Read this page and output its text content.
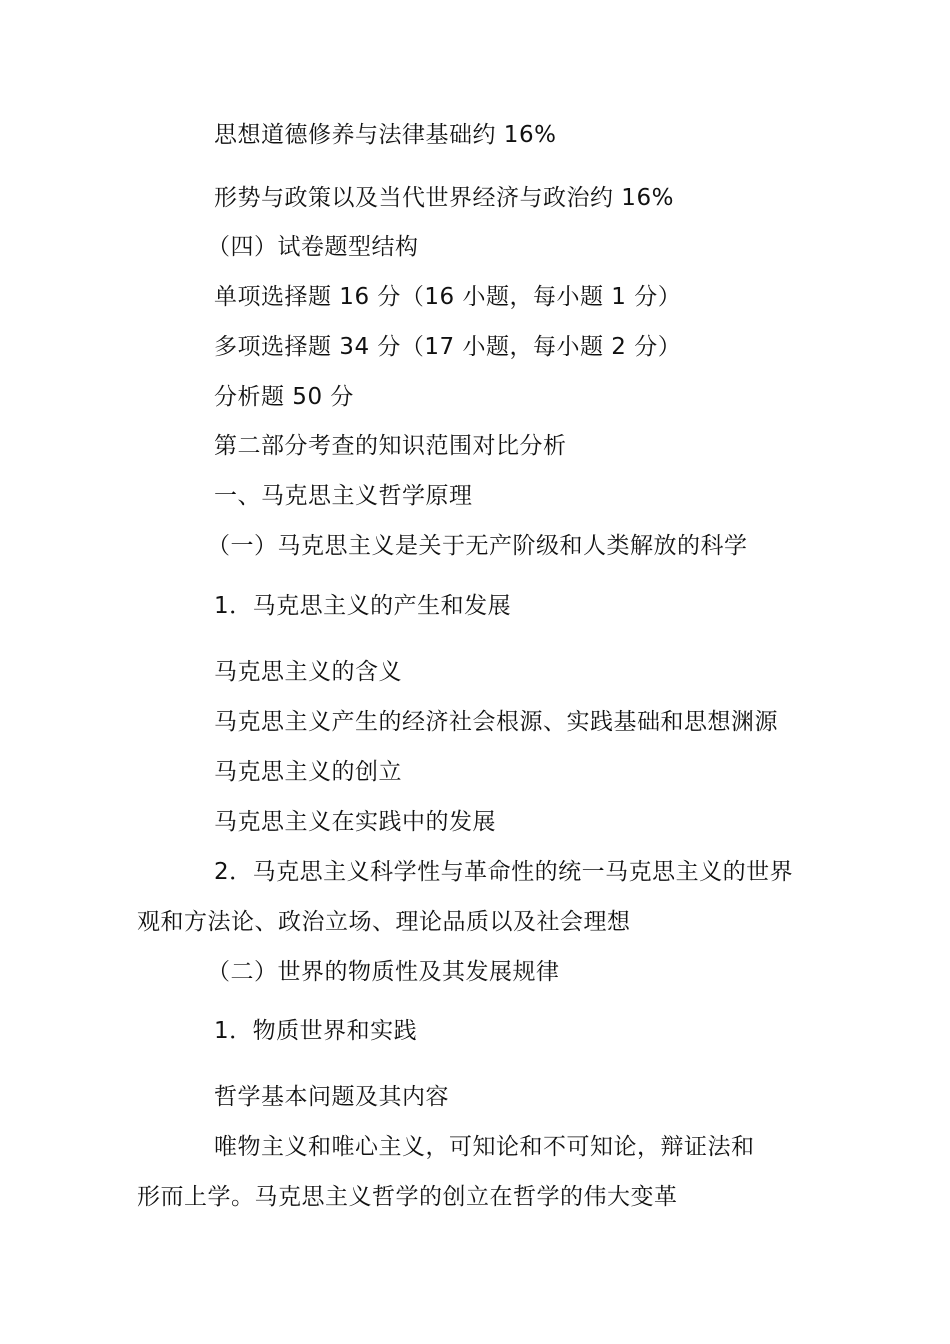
思想道德修养与法律基础约 16%
形势与政策以及当代世界经济与政治约 16%
（四）试卷题型结构
单项选择题 16 分（16 小题，每小题 1 分）
多项选择题 34 分（17 小题，每小题 2 分）
分析题 50 分
第二部分考查的知识范围对比分析
一、马克思主义哲学原理
（一）马克思主义是关于无产阶级和人类解放的科学
1．马克思主义的产生和发展
马克思主义的含义
马克思主义产生的经济社会根源、实践基础和思想渊源
马克思主义的创立
马克思主义在实践中的发展
2．马克思主义科学性与革命性的统一马克思主义的世界
观和方法论、政治立场、理论品质以及社会理想
（二）世界的物质性及其发展规律
1．物质世界和实践
哲学基本问题及其内容
唯物主义和唯心主义，可知论和不可知论，辩证法和
形而上学。马克思主义哲学的创立在哲学的伟大变革
